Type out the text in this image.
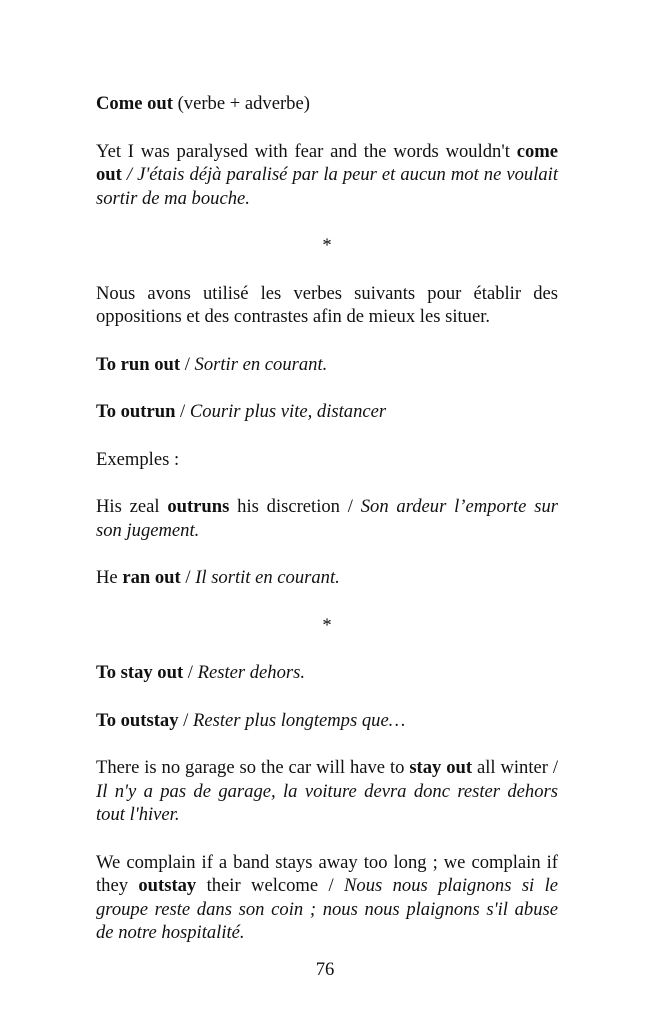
Come out (verbe + adverbe)

Yet I was paralysed with fear and the words wouldn't come out / J'étais déjà paralisé par la peur et aucun mot ne voulait sortir de ma bouche.

*

Nous avons utilisé les verbes suivants pour établir des oppositions et des contrastes afin de mieux les situer.

To run out / Sortir en courant.

To outrun / Courir plus vite, distancer

Exemples :

His zeal outruns his discretion / Son ardeur l’emporte sur son jugement.

He ran out / Il sortit en courant.

*

To stay out / Rester dehors.

To outstay / Rester plus longtemps que…

There is no garage so the car will have to stay out all winter / Il n'y a pas de garage, la voiture devra donc rester dehors tout l'hiver.

We complain if a band stays away too long ; we complain if they outstay their welcome / Nous nous plaignons si le groupe reste dans son coin ; nous nous plaignons s'il abuse de notre hospitalité.

76
